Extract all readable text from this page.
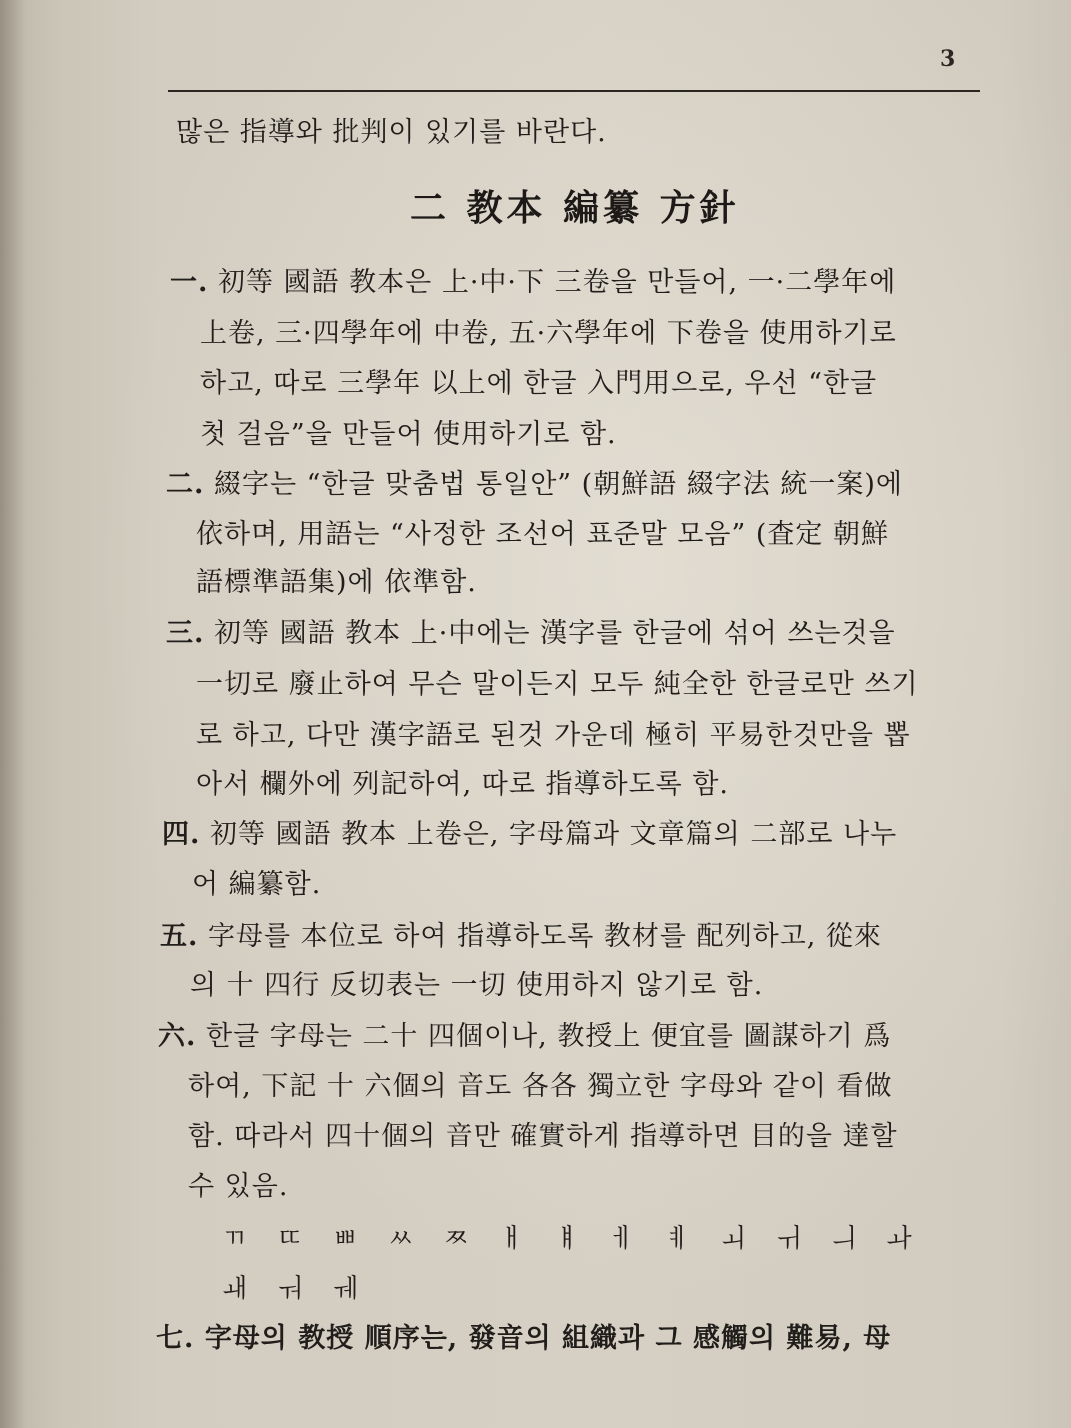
3
많은 指導와 批判이 있기를 바란다.
二 教本 編纂 方針
一. 初等 國語 教本은 上·中·下 三卷을 만들어, 一·二學年에
上卷, 三·四學年에 中卷, 五·六學年에 下卷을 使用하기로
하고, 따로 三學年 以上에 한글 入門用으로, 우선 “한글
첫 걸음”을 만들어 使用하기로 함.
二. 綴字는 “한글 맞춤법 통일안” (朝鮮語 綴字法 統一案)에
依하며, 用語는 “사정한 조선어 표준말 모음” (査定 朝鮮
語標準語集)에 依準함.
三. 初等 國語 教本 上·中에는 漢字를 한글에 섞어 쓰는것을
一切로 廢止하여 무슨 말이든지 모두 純全한 한글로만 쓰기
로 하고, 다만 漢字語로 된것 가운데 極히 平易한것만을 뽑
아서 欄外에 列記하여, 따로 指導하도록 함.
四. 初等 國語 教本 上卷은, 字母篇과 文章篇의 二部로 나누
어 編纂함.
五. 字母를 本位로 하여 指導하도록 教材를 配列하고, 從來
의 十 四行 反切表는 一切 使用하지 않기로 함.
六. 한글 字母는 二十 四個이나, 教授上 便宜를 圖謀하기 爲
하여, 下記 十 六個의 音도 各各 獨立한 字母와 같이 看做
함. 따라서 四十個의 音만 確實하게 指導하면 目的을 達할
수 있음.
ㄲ ㄸ ㅃ ㅆ ㅉ ㅐ ㅒ ㅔ ㅖ ㅚ ㅟ ㅢ ㅘ
ㅙ ㅝ ㅞ
七. 字母의 教授 順序는, 發音의 組織과 그 感觸의 難易, 母
